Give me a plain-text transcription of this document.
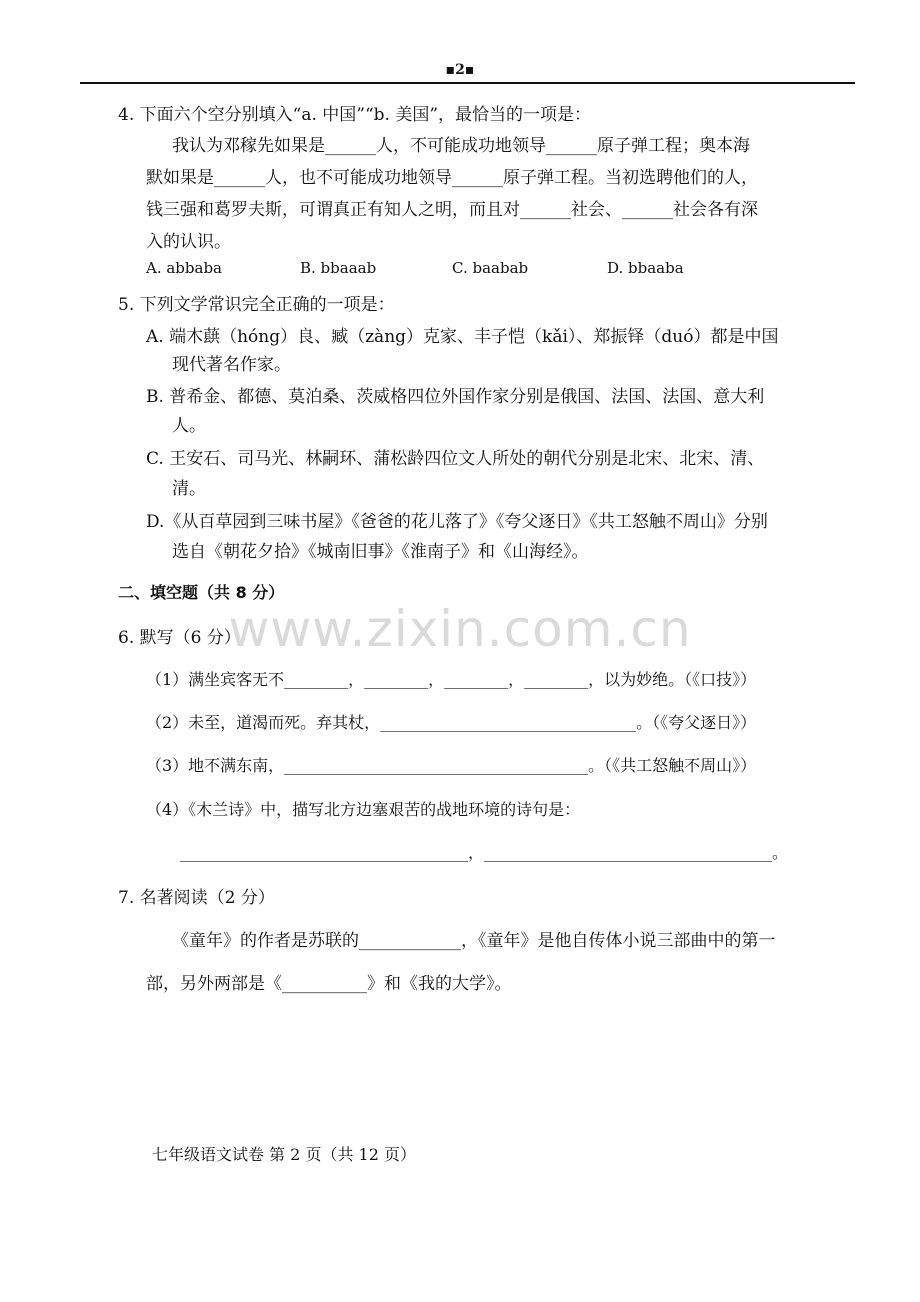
▪2▪
www.zixin.com.cn
4. 下面六个空分别填入“a. 中国”“b. 美国”，最恰当的一项是：
我认为邓稼先如果是______人，不可能成功地领导______原子弹工程；奥本海
默如果是______人，也不可能成功地领导______原子弹工程。当初选聘他们的人，
钱三强和葛罗夫斯，可谓真正有知人之明，而且对______社会、______社会各有深
入的认识。
A. abbaba	B. bbaaab	C. baabab	D. bbaaba
5. 下列文学常识完全正确的一项是：
A. 端木蕻（hóng）良、臧（zàng）克家、丰子恺（kǎi）、郑振铎（duó）都是中国
现代著名作家。
B. 普希金、都德、莫泊桑、茨威格四位外国作家分别是俄国、法国、法国、意大利
人。
C. 王安石、司马光、林嗣环、蒲松龄四位文人所处的朝代分别是北宋、北宋、清、
清。
D.《从百草园到三味书屋》《爸爸的花儿落了》《夸父逐日》《共工怒触不周山》分别
选自《朝花夕拾》《城南旧事》《淮南子》和《山海经》。
二、填空题（共 8 分）
6. 默写（6 分）
（1）满坐宾客无不________，________，________，________，以为妙绝。（《口技》）
（2）未至，道渴而死。弃其杖，________________________________。（《夸父逐日》）
（3）地不满东南，______________________________________。（《共工怒触不周山》）
（4）《木兰诗》中，描写北方边塞艰苦的战地环境的诗句是：
____________________________________，____________________________________。
7. 名著阅读（2 分）
《童年》的作者是苏联的____________，《童年》是他自传体小说三部曲中的第一
部，另外两部是《__________》和《我的大学》。
七年级语文试卷 第 2 页（共 12 页）
